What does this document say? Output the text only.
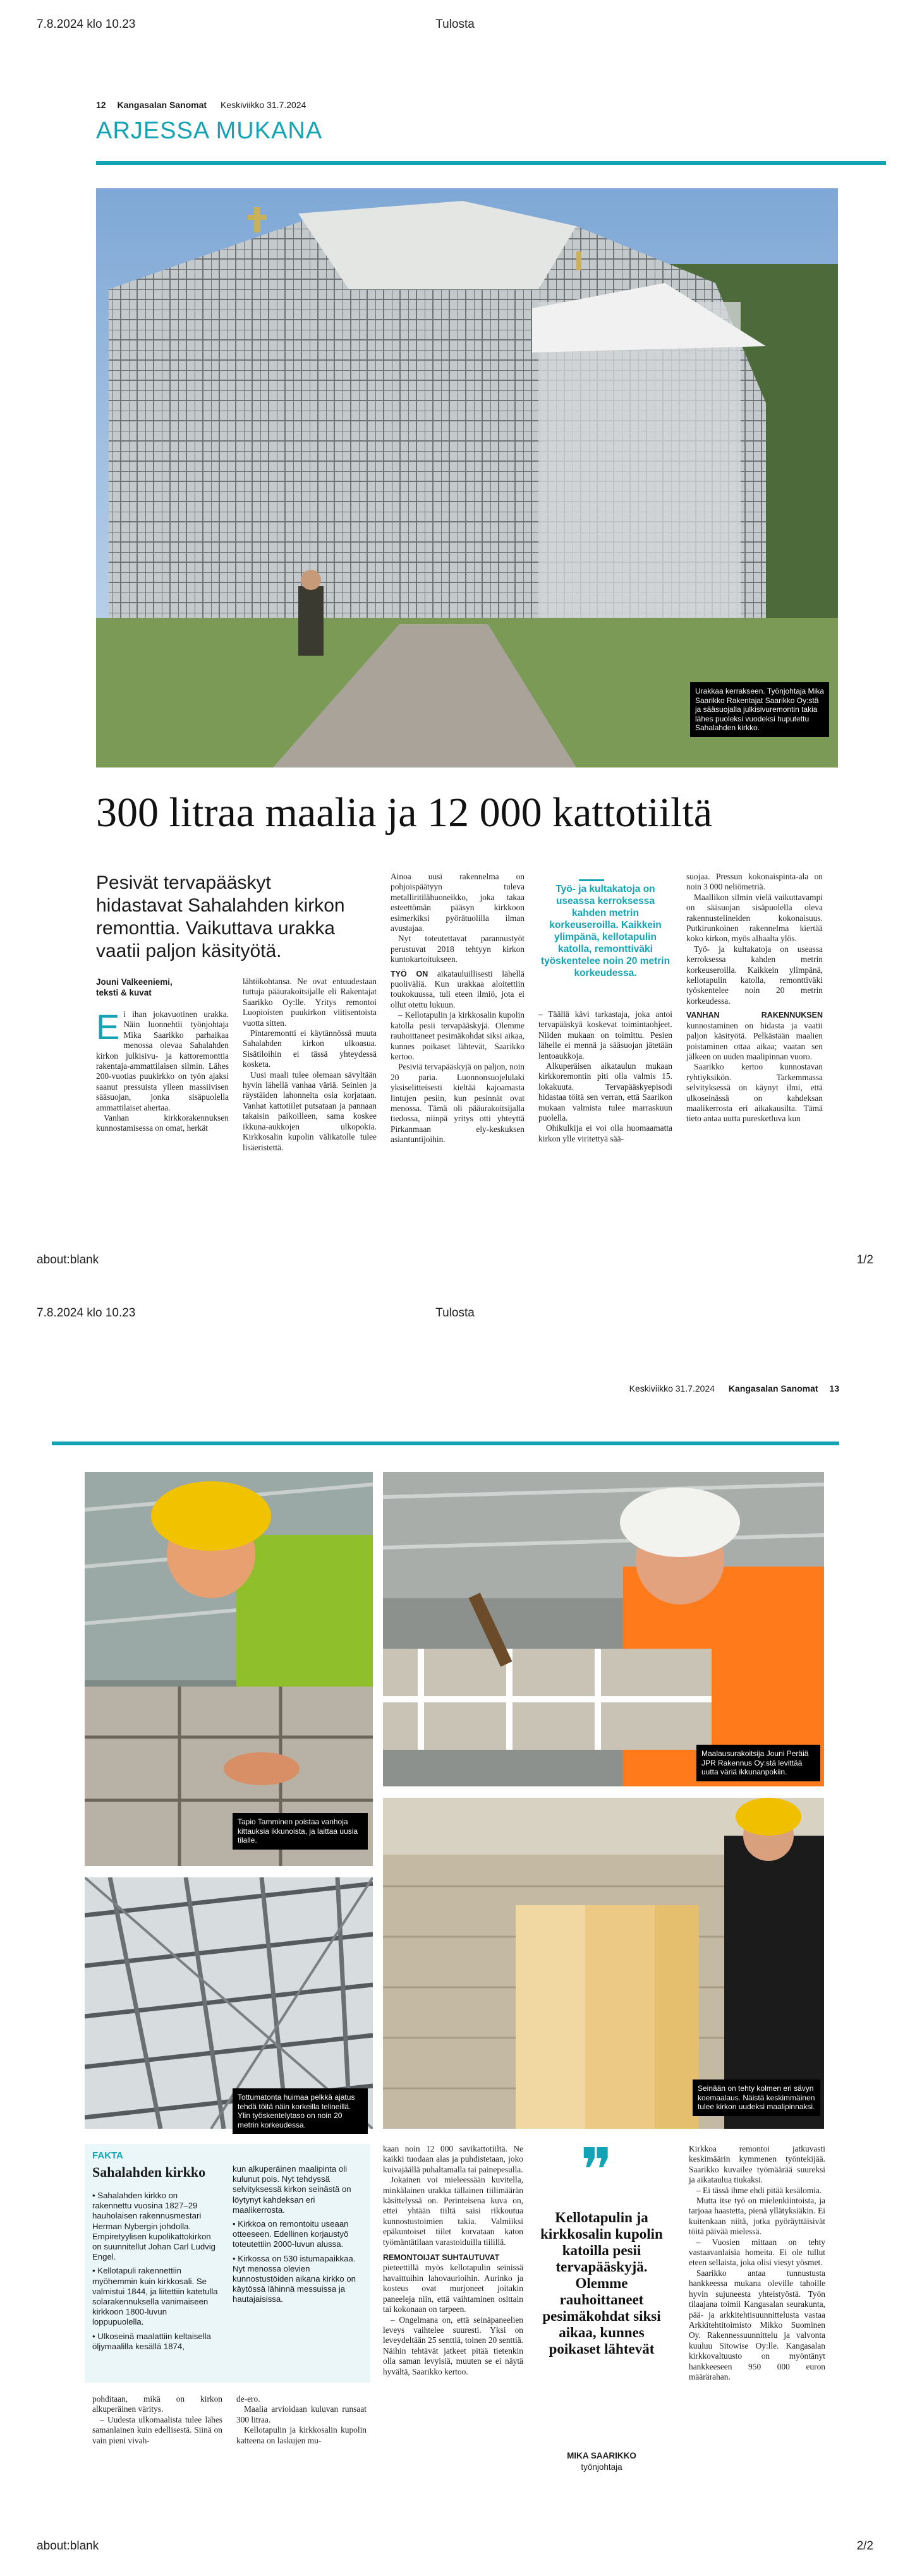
7.8.2024 klo 10.23	Tulosta
12 Kangasalan Sanomat Keskiviikko 31.7.2024
ARJESSA MUKANA
Urakkaa kerrakseen. Työnjohtaja Mika Saarikko Rakentajat Saarikko Oy:stä ja sääsuojalla julkisivuremontin takia lähes puoleksi vuodeksi huputettu Sahalahden kirkko.
300 litraa maalia ja 12 000 kattotiiltä
Pesivät tervapääskyt hidastavat Sahalahden kirkon remonttia. Vaikuttava urakka vaatii paljon käsityötä.
Jouni Valkeeniemi,
teksti & kuvat

Ei ihan jokavuotinen urakka. Näin luonnehtii työnjohtaja Mika Saarikko parhaikaa menossa olevaa Sahalahden kirkon julkisivu- ja kattoremonttia rakentaja-ammattilaisen silmin. Lähes 200-vuotias puukirkko on työn ajaksi saanut pressuista ylleen massiivisen sääsuojan, jonka sisäpuolella ammattilaiset ahertaa.

Vanhan kirkkorakennuksen kunnostamisessa on omat, herkät

lähtökohtansa. Ne ovat entuudestaan tuttuja pääurakoitsijalle eli Rakentajat Saarikko Oy:lle. Yritys remontoi Luopioisten puukirkon viitisentoista vuotta sitten.

Pintaremontti ei käytännössä muuta Sahalahden kirkon ulkoasua. Sisätiloihin ei tässä yhteydessä kosketa.

Uusi maali tulee olemaan sävyltään hyvin lähellä vanhaa väriä. Seinien ja räystäiden lahonneita osia korjataan. Vanhat kattotiilet putsataan ja pannaan takaisin paikoilleen, sama koskee ikkuna-aukkojen ulkopokia. Kirkkosalin kupolin välikatolle tulee lisäeristettä.

Ainoa uusi rakennelma on pohjoispäätyyn tuleva metalliritilähuoneikko, joka takaa esteettömän pääsyn kirkkoon esimerkiksi pyörätuolilla ilman avustajaa.

Nyt toteutettavat parannustyöt perustuvat 2018 tehtyyn kirkon kuntokartoitukseen.

TYÖ ON aikatauluillisesti lähellä puoliväliä. Kun urakkaa aloitettiin toukokuussa, tuli eteen ilmiö, jota ei ollut otettu lukuun.

– Kellotapulin ja kirkkosalin kupolin katolla pesii tervapääskyjä. Olemme rauhoittaneet pesimäkohdat siksi aikaa, kunnes poikaset lähtevät, Saarikko kertoo.

Pesiviä tervapääskyjä on paljon, noin 20 paria. Luonnonsuojelulaki yksiselitteisesti kieltää kajoamasta lintujen pesiin, kun pesinnät ovat menossa. Tämä oli pääurakoitsijalla tiedossa, niinpä yritys otti yhteyttä Pirkanmaan ely-keskuksen asiantuntijoihin.

Työ- ja kultakatoja on useassa kerroksessa kahden metrin korkeuseroilla. Kaikkein ylimpänä, kellotapulin katolla, remonttiväki työskentelee noin 20 metrin korkeudessa.

– Täällä kävi tarkastaja, joka antoi tervapääskyä koskevat toimintaohjeet. Niiden mukaan on toimittu. Pesien lähelle ei mennä ja sääsuojan jätetään lentoaukkoja.

Alkuperäisen aikataulun mukaan kirkkoremontin piti olla valmis 15. lokakuuta. Tervapääskyepisodi hidastaa töitä sen verran, että Saarikon mukaan valmista tulee marraskuun puolella.

Ohikulkija ei voi olla huomaamatta kirkon ylle viritettyä sää-

suojaa. Pressun kokonaispinta-ala on noin 3 000 neliömetriä.

Maallikon silmin vielä vaikuttavampi on sääsuojan sisäpuolella oleva rakennustelineiden kokonaisuus. Putkirunkoinen rakennelma kiertää koko kirkon, myös alhaalta ylös.

Työ- ja kultakatoja on useassa kerroksessa kahden metrin korkeuseroilla. Kaikkein ylimpänä, kellotapulin katolla, remonttiväki työskentelee noin 20 metrin korkeudessa.

VANHAN RAKENNUKSEN kunnostaminen on hidasta ja vaatii paljon käsityötä. Pelkästään maalien poistaminen ottaa aikaa; vaatan sen jälkeen on uuden maalipinnan vuoro.

Saarikko kertoo kunnostavan ryhtiyksikön. Tarkemmassa selvityksessä on käynyt ilmi, että ulkoseinässä on kahdeksan maalikerrosta eri aikakausilta. Tämä tieto antaa uutta puresketluva kun

about:blank	1/2
7.8.2024 klo 10.23	Tulosta
Keskiviikko 31.7.2024 Kangasalan Sanomat 13
Tapio Tamminen poistaa vanhoja kittauksia ikkunoista, ja laittaa uusia tilalle.
Maalausurakoitsija Jouni Peräiä JPR Rakennus Oy:stä levittää uutta väriä ikkunanpokiin.
Tottumatonta huimaa pelkkä ajatus tehdä töitä näin korkeilla telineillä. Ylin työskentelytaso on noin 20 metrin korkeudessa.
Seinään on tehty kolmen eri sävyn koemaalaus. Näistä keskimmäinen tulee kirkon uudeksi maalipinnaksi.
FAKTA
Sahalahden kirkko
• Sahalahden kirkko on rakennettu vuosina 1827–29 hauholaisen rakennusmestari Herman Nybergin johdolla. Empiretyylisen kupolikattokirkon on suunnitellut Johan Carl Ludvig Engel.
• Kellotapuli rakennettiin myöhemmin kuin kirkkosali. Se valmistui 1844, ja liitettiin katetulla solarakennuksella vanimaiseen kirkkoon 1800-luvun loppupuolella.
• Ulkoseinä maalattiin keltaisella öljymaalilla kesällä 1874,
kun alkuperäinen maalipinta oli kulunut pois. Nyt tehdyssä selvityksessä kirkon seinästä on löytynyt kahdeksan eri maalikerrosta.
• Kirkkoa on remontoitu useaan otteeseen. Edellinen korjaustyö toteutettiin 2000-luvun alussa.
• Kirkossa on 530 istumapaikkaa. Nyt menossa olevien kunnostustöiden aikana kirkko on käytössä lähinnä messuissa ja hautajaisissa.

pohditaan, mikä on kirkon alkuperäinen väritys.

– Uudesta ulkomaalista tulee lähes samanlainen kuin edellisestä. Siinä on vain pieni vivah-

de-ero.

Maalia arvioidaan kuluvan runsaat 300 litraa.

Kellotapulin ja kirkkosalin kupolin katteena on laskujen mu-

kaan noin 12 000 savikattotiiltä. Ne kaikki tuodaan alas ja puhdistetaan, joko kuivajäällä puhaltamalla tai painepesulla.

Jokainen voi mieleessään kuvitella, minkälainen urakka tällainen tiilimäärän käsittelyssä on. Perinteisena kuva on, ettei yhtään tiiltä saisi rikkoutua kunnostustoimien takia. Valmiiksi epäkuntoiset tiilet korvataan katon työmäntätilaan varastoiduilla tiilillä.

REMONTOIJAT SUHTAUTUVAT
pieteettillä myös kellotapulin seinissä havaittuihin lahovaurioihin. Aurinko ja kosteus ovat murjoneet joitakin paneeleja niin, että vaihtaminen osittain tai kokonaan on tarpeen.

– Ongelmana on, että seinäpaneelien leveys vaihtelee suuresti. Yksi on leveydeltään 25 senttiä, toinen 20 senttiä. Näihin tehtävät jatkeet pitää tietenkin olla saman levyisiä, muuten se ei näytä hyvältä, Saarikko kertoo.

❞
Kellotapulin ja kirkkosalin kupolin katoilla pesii tervapääskyjä. Olemme rauhoittaneet pesimäkohdat siksi aikaa, kunnes poikaset lähtevät
MIKA SAARIKKO
työnjohtaja

Kirkkoa remontoi jatkuvasti keskimäärin kymmenen työntekijää. Saarikko kuvailee työmäärää suureksi ja aikataulua tiukaksi.

– Ei tässä ihme ehdi pitää kesälomia.

Mutta itse työ on mielenkiintoista, ja tarjoaa haastetta, pienä yllätyksiäkin. Ei kuitenkaan niitä, jotka pyöräyttäisivät töitä päivää mielessä.

– Vuosien mittaan on tehty vastaavanlaisia homeita. Ei ole tullut eteen sellaista, joka olisi viesyt yösmet.

Saarikko antaa tunnustusta hankkeessa mukana oleville tahoille hyvin sujuneesta yhteistyöstä. Työn tilaajana toimii Kangasalan seurakunta, pää- ja arkkitehtisuunnittelusta vastaa Arkkitehtitoimisto Mikko Suominen Oy. Rakennessuunnittelu ja valvonta kuuluu Sitowise Oy:lle. Kangasalan kirkkovaltuusto on myöntänyt hankkeeseen 950 000 euron määrärahan.

about:blank	2/2
